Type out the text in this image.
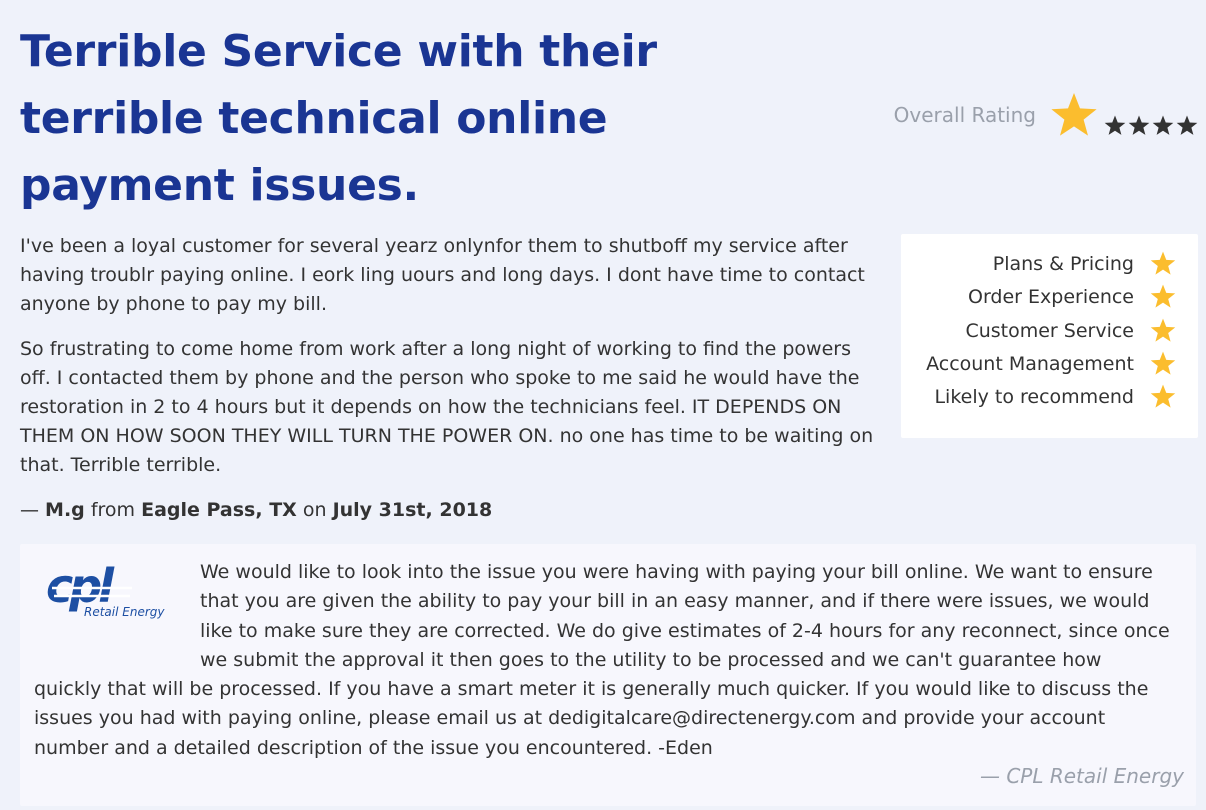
Terrible Service with their terrible technical online payment issues.
Overall Rating

I've been a loyal customer for several yearz onlynfor them to shutboff my service after having troublr paying online. I eork ling uours and long days. I dont have time to contact anyone by phone to pay my bill.

So frustrating to come home from work after a long night of working to find the powers off. I contacted them by phone and the person who spoke to me said he would have the restoration in 2 to 4 hours but it depends on how the technicians feel. IT DEPENDS ON THEM ON HOW SOON THEY WILL TURN THE POWER ON. no one has time to be waiting on that. Terrible terrible.

— M.g from Eagle Pass, TX on July 31st, 2018
Plans & Pricing
Order Experience
Customer Service
Account Management
Likely to recommend
cpl
Retail Energy
We would like to look into the issue you were having with paying your bill online. We want to ensure that you are given the ability to pay your bill in an easy manner, and if there were issues, we would like to make sure they are corrected. We do give estimates of 2-4 hours for any reconnect, since once we submit the approval it then goes to the utility to be processed and we can't guarantee how quickly that will be processed. If you have a smart meter it is generally much quicker. If you would like to discuss the issues you had with paying online, please email us at dedigitalcare@directenergy.com and provide your account number and a detailed description of the issue you encountered. -Eden
— CPL Retail Energy
